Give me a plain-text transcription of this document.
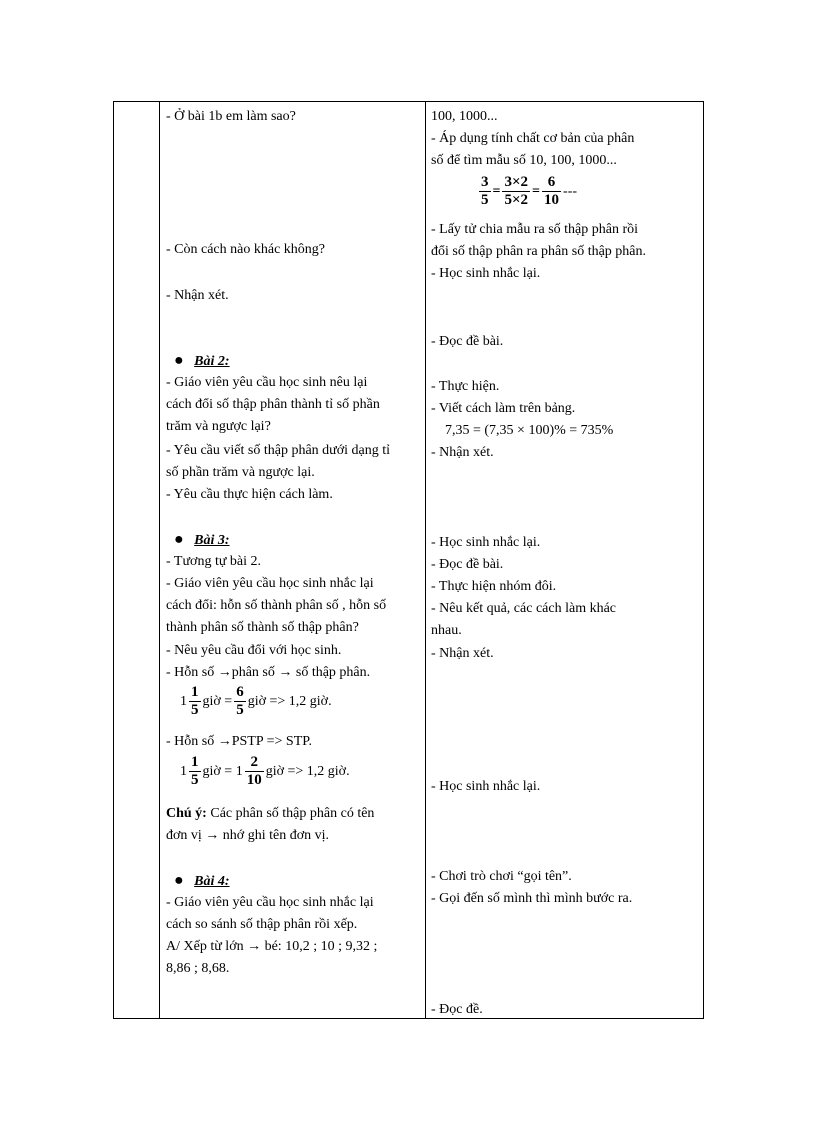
- Ở bài 1b em làm sao?
- Còn cách nào khác không?
- Nhận xét.
● Bài 2:
- Giáo viên yêu cầu học sinh nêu lại
cách đổi số thập phân thành tỉ số phần
trăm và ngược lại?
- Yêu cầu viết số thập phân dưới dạng tỉ
số phần trăm và ngược lại.
- Yêu cầu thực hiện cách làm.
● Bài 3:
- Tương tự bài 2.
- Giáo viên yêu cầu học sinh nhắc lại
cách đổi: hỗn số thành phân số , hỗn số
thành phân số thành số thập phân?
- Nêu yêu cầu đổi với học sinh.
- Hỗn số →phân số → số thập phân.
$1 \frac{1}{5}$ giờ = $\frac{6}{5}$ giờ => 1,2 giờ.
- Hỗn số →PSTP => STP.
$1 \frac{1}{5}$ giờ = $1 \frac{2}{10}$ giờ => 1,2 giờ.
Chú ý: Các phân số thập phân có tên
đơn vị → nhớ ghi tên đơn vị.
● Bài 4:
- Giáo viên yêu cầu học sinh nhắc lại
cách so sánh số thập phân rồi xếp.
A/ Xếp từ lớn → bé: 10,2 ; 10 ; 9,32 ;
8,86 ; 8,68.
100, 1000...
- Áp dụng tính chất cơ bản của phân
số để tìm mẫu số 10, 100, 1000...
$\frac{3}{5} = \frac{3\times 2}{5\times 2} = \frac{6}{10}$ ---
- Lấy tử chia mẫu ra số thập phân rồi
đổi số thập phân ra phân số thập phân.
- Học sinh nhắc lại.
- Đọc đề bài.
- Thực hiện.
- Viết cách làm trên bảng.
7,35 = (7,35 × 100)% = 735%
- Nhận xét.
- Học sinh nhắc lại.
- Đọc đề bài.
- Thực hiện nhóm đôi.
- Nêu kết quả, các cách làm khác
nhau.
- Nhận xét.
- Học sinh nhắc lại.
- Chơi trò chơi “gọi tên”.
- Gọi đến số mình thì mình bước ra.
- Đọc đề.
